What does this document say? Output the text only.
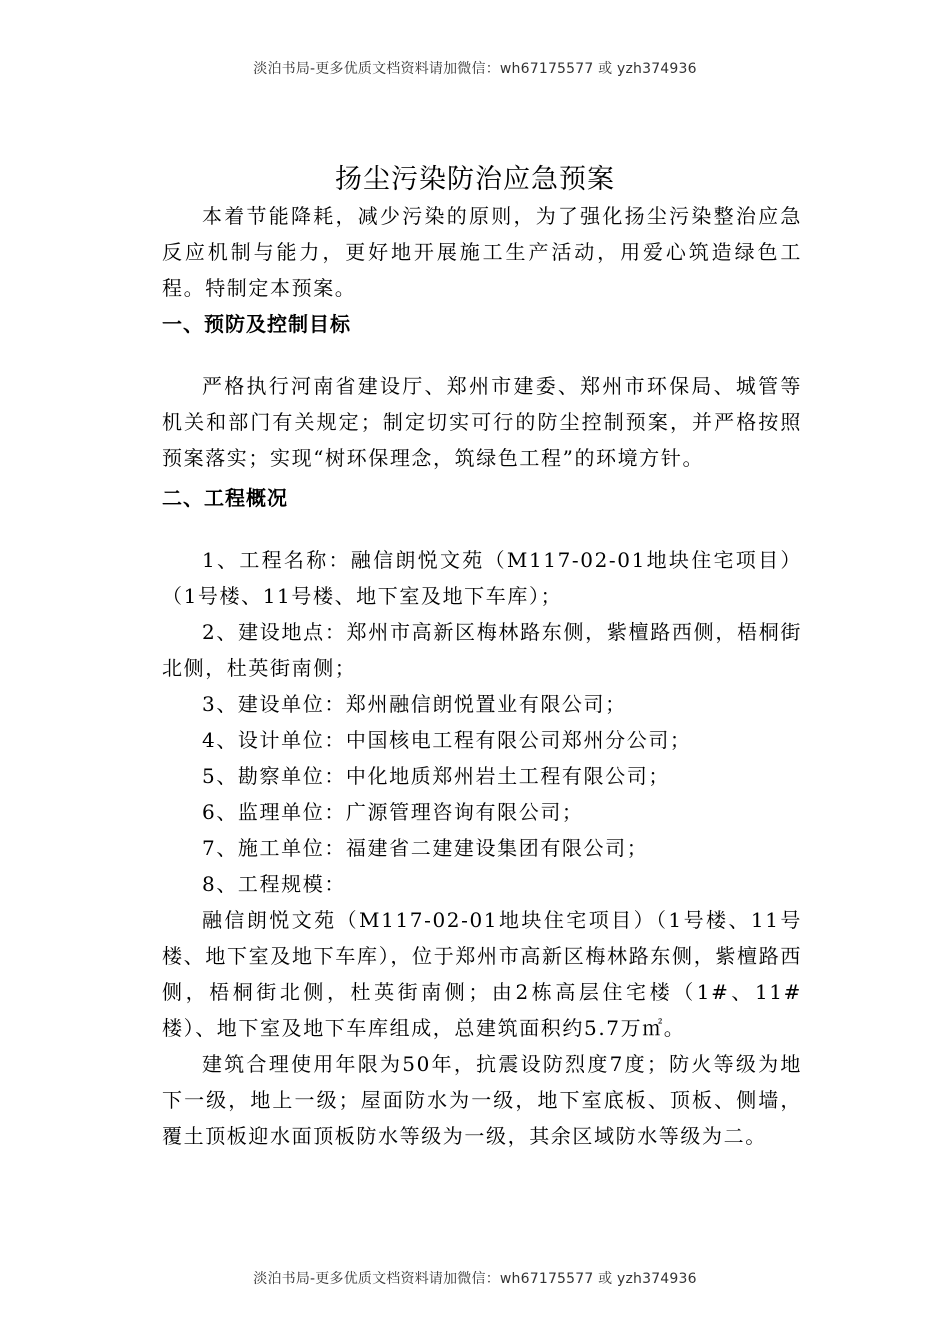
淡泊书局-更多优质文档资料请加微信：wh67175577 或 yzh374936
扬尘污染防治应急预案

本着节能降耗，减少污染的原则，为了强化扬尘污染整治应急反应机制与能力，更好地开展施工生产活动，用爱心筑造绿色工程。特制定本预案。

一、预防及控制目标

严格执行河南省建设厅、郑州市建委、郑州市环保局、城管等机关和部门有关规定；制定切实可行的防尘控制预案，并严格按照预案落实；实现“树环保理念，筑绿色工程”的环境方针。

二、工程概况

1、工程名称：融信朗悦文苑（M117-02-01地块住宅项目）（1号楼、11号楼、地下室及地下车库）；

2、建设地点：郑州市高新区梅林路东侧，紫檀路西侧，梧桐街北侧，杜英街南侧；

3、建设单位：郑州融信朗悦置业有限公司；

4、设计单位：中国核电工程有限公司郑州分公司；

5、勘察单位：中化地质郑州岩土工程有限公司；

6、监理单位：广源管理咨询有限公司；

7、施工单位：福建省二建建设集团有限公司；

8、工程规模：

融信朗悦文苑（M117-02-01地块住宅项目）（1号楼、11号楼、地下室及地下车库），位于郑州市高新区梅林路东侧，紫檀路西侧，梧桐街北侧，杜英街南侧；由2栋高层住宅楼（1#、11#楼）、地下室及地下车库组成，总建筑面积约5.7万㎡。

建筑合理使用年限为50年，抗震设防烈度7度；防火等级为地下一级，地上一级；屋面防水为一级，地下室底板、顶板、侧墙，覆土顶板迎水面顶板防水等级为一级，其余区域防水等级为二。

淡泊书局-更多优质文档资料请加微信：wh67175577 或 yzh374936
